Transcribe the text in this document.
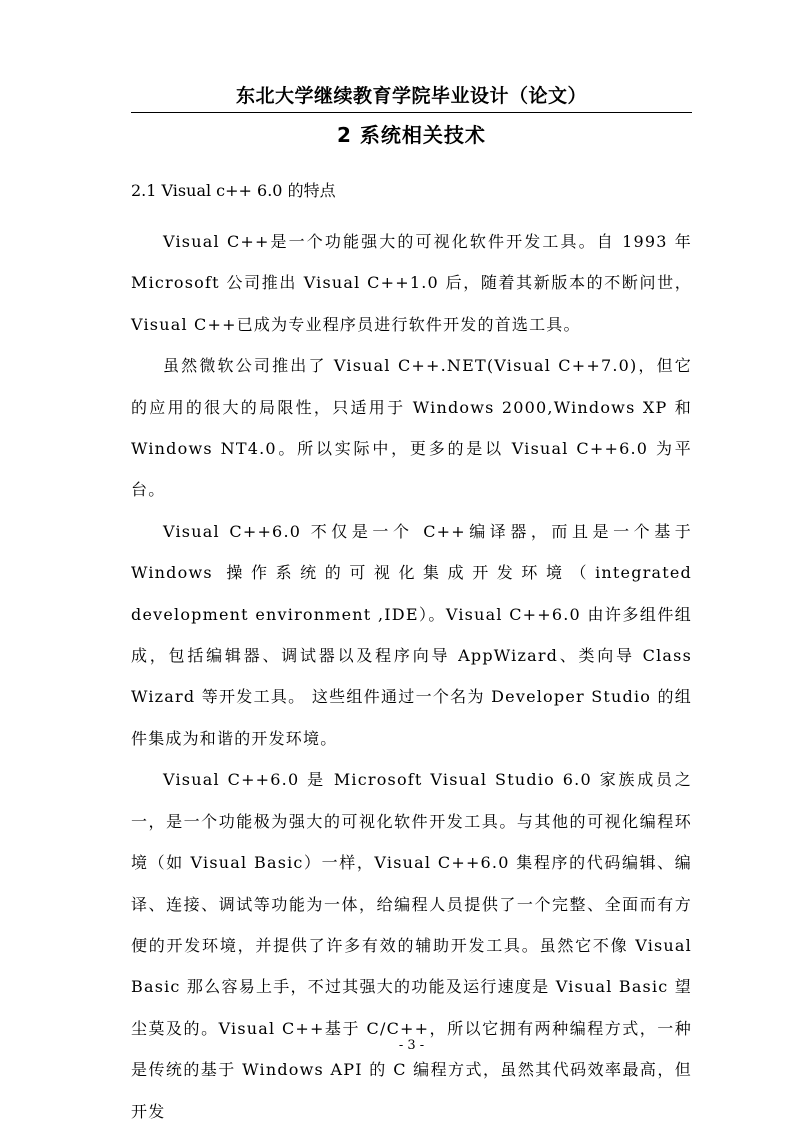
东北大学继续教育学院毕业设计（论文）
2 系统相关技术
2.1 Visual c++ 6.0 的特点

Visual C++是一个功能强大的可视化软件开发工具。自 1993 年 Microsoft 公司推出 Visual C++1.0 后，随着其新版本的不断问世，Visual C++已成为专业程序员进行软件开发的首选工具。

虽然微软公司推出了 Visual C++.NET(Visual C++7.0)，但它的应用的很大的局限性，只适用于 Windows 2000,Windows XP 和 Windows NT4.0。所以实际中，更多的是以 Visual C++6.0 为平台。

Visual C++6.0 不仅是一个 C++编译器，而且是一个基于 Windows 操作系统的可视化集成开发环境（integrated development environment ,IDE）。Visual C++6.0 由许多组件组成，包括编辑器、调试器以及程序向导 AppWizard、类向导 Class Wizard 等开发工具。 这些组件通过一个名为 Developer Studio 的组件集成为和谐的开发环境。

Visual C++6.0 是 Microsoft Visual Studio 6.0 家族成员之一，是一个功能极为强大的可视化软件开发工具。与其他的可视化编程环境（如 Visual Basic）一样，Visual C++6.0 集程序的代码编辑、编译、连接、调试等功能为一体，给编程人员提供了一个完整、全面而有方便的开发环境，并提供了许多有效的辅助开发工具。虽然它不像 Visual Basic 那么容易上手，不过其强大的功能及运行速度是 Visual Basic 望尘莫及的。Visual C++基于 C/C++，所以它拥有两种编程方式，一种是传统的基于 Windows API 的 C 编程方式，虽然其代码效率最高，但开发

- 3 -
